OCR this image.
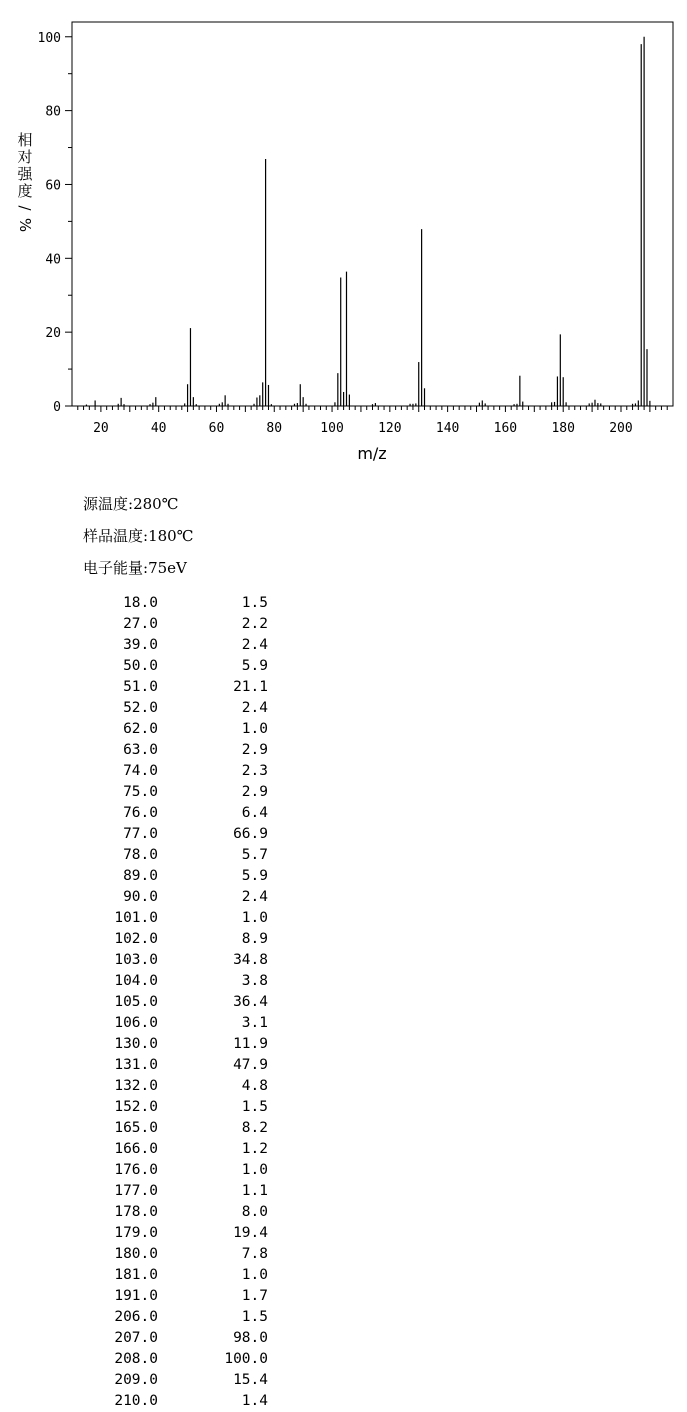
0
20
40
60
80
100
20	40	60	80	100	120	140	160	180	200
相
对
强
度
/
%
m/z
源温度:280℃
样品温度:180℃
电子能量:75eV
18.0		1.5
27.0		2.2
39.0		2.4
50.0		5.9
51.0		21.1
52.0		2.4
62.0		1.0
63.0		2.9
74.0		2.3
75.0		2.9
76.0		6.4
77.0		66.9
78.0		5.7
89.0		5.9
90.0		2.4
101.0		1.0
102.0		8.9
103.0		34.8
104.0		3.8
105.0		36.4
106.0		3.1
130.0		11.9
131.0		47.9
132.0		4.8
152.0		1.5
165.0		8.2
166.0		1.2
176.0		1.0
177.0		1.1
178.0		8.0
179.0		19.4
180.0		7.8
181.0		1.0
191.0		1.7
206.0		1.5
207.0		98.0
208.0		100.0
209.0		15.4
210.0		1.4
